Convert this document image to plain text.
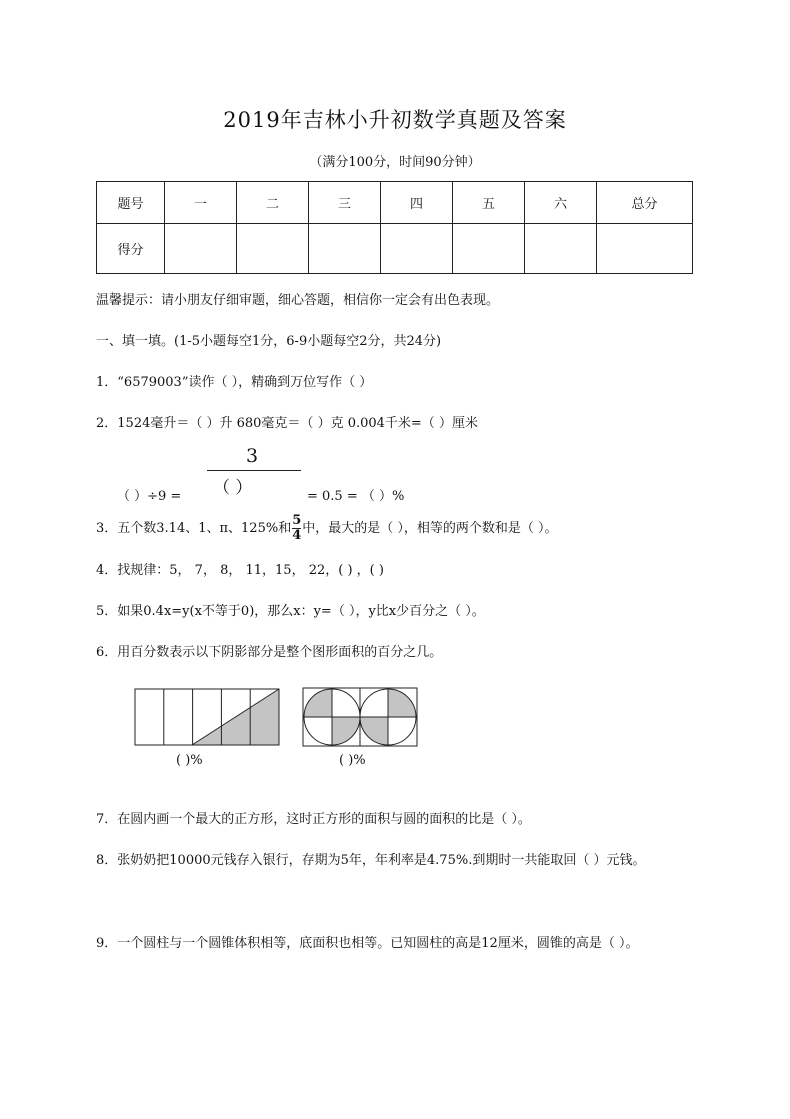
2019年吉林小升初数学真题及答案
（满分100分，时间90分钟）
题号	一	二	三	四	五	六	总分
得分							
温馨提示：请小朋友仔细审题，细心答题，相信你一定会有出色表现。
一、填一填。(1-5小题每空1分，6-9小题每空2分，共24分)
1．“6579003”读作（ ），精确到万位写作（ ）
2．1524毫升＝（ ）升 680毫克＝（ ）克 0.004千米=（ ）厘米
3
（ ）
（ ）÷9 =	= 0.5 = （ ）%
3．五个数3.14、1、π、125%和 $\frac{5}{4}$ 中，最大的是（ ），相等的两个数和是（ ）。
4．找规律：5， 7， 8， 11，15， 22，( ) ，( )
5．如果0.4x=y(x不等于0)，那么x：y=（ ），y比x少百分之（ ）。
6．用百分数表示以下阴影部分是整个图形面积的百分之几。
( )%	( )%
7．在圆内画一个最大的正方形，这时正方形的面积与圆的面积的比是（ ）。
8．张奶奶把10000元钱存入银行，存期为5年，年利率是4.75%.到期时一共能取回（ ）元钱。
9．一个圆柱与一个圆锥体积相等，底面积也相等。已知圆柱的高是12厘米，圆锥的高是（ ）。
